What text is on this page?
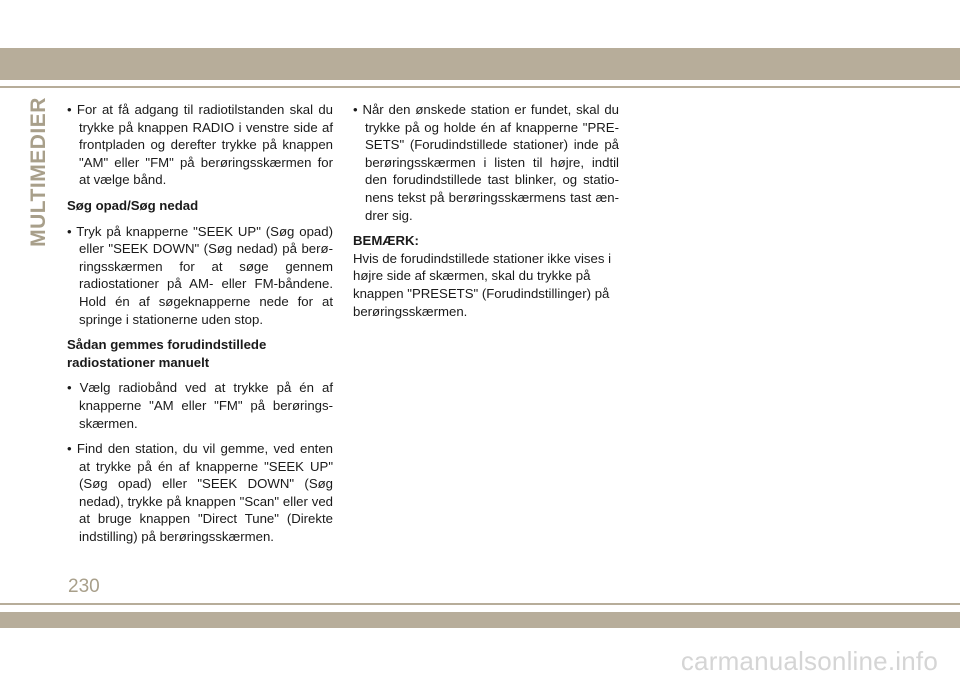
MULTIMEDIER

•	For at få adgang til radiotilstanden skal du trykke på knappen RADIO i venstre side af frontpladen og derefter trykke på knappen "AM" eller "FM" på berøringsskærmen for at vælge bånd.

Søg opad/Søg nedad

• Tryk på knapperne "SEEK UP" (Søg opad) eller "SEEK DOWN" (Søg nedad) på berøringsskærmen for at søge gennem radiostationer på AM- eller FM-båndene. Hold én af søgeknapperne nede for at springe i stationerne uden stop.

Sådan gemmes forudindstillede radiostationer manuelt

• Vælg radiobånd ved at trykke på én af knapperne "AM eller "FM" på berøringsskærmen.

• Find den station, du vil gemme, ved enten at trykke på én af knapperne "SEEK UP" (Søg opad) eller "SEEK DOWN" (Søg nedad), trykke på knappen "Scan" eller ved at bruge knappen "Direct Tune" (Direkte indstilling) på berøringsskærmen.

• Når den ønskede station er fundet, skal du trykke på og holde én af knapperne "PRESETS" (Forudindstillede stationer) inde på berøringsskærmen i listen til højre, indtil den forudindstillede tast blinker, og stationens tekst på berøringsskærmens tast ændrer sig.

BEMÆRK:

Hvis de forudindstillede stationer ikke vises i højre side af skærmen, skal du trykke på knappen "PRESETS" (Forudindstillinger) på berøringsskærmen.

230
carmanualsonline.info
